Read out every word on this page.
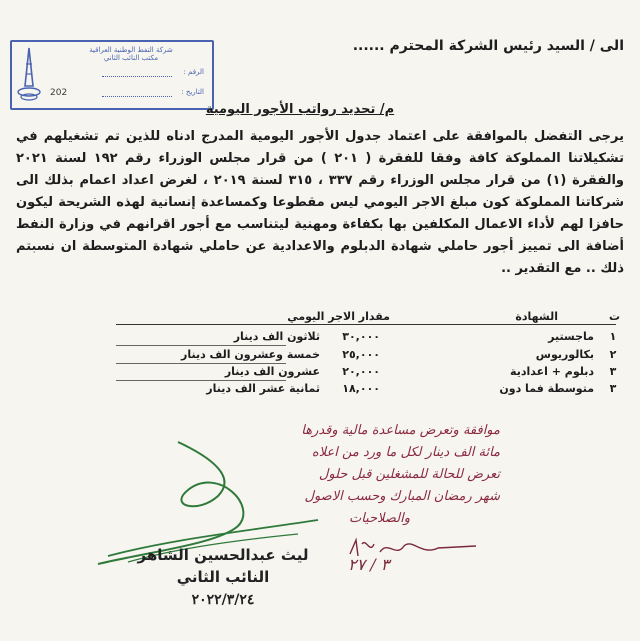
شركة النفط الوطنية العراقية
مكتب النائب الثاني
الرقم :
التاريخ :
202
الى / السيد رئيس الشركة المحترم ......
م/ تحديد رواتب الأجور اليومية
يرجى التفضل بالموافقة على اعتماد جدول الأجور اليومية المدرج ادناه للذين تم تشغيلهم في تشكيلاتنا المملوكة كافة وفقا للفقرة ( ٢٠١ ) من قرار مجلس الوزراء رقم ١٩٢ لسنة ٢٠٢١ والفقرة (١) من قرار مجلس الوزراء رقم ٣٣٧ ، ٣١٥ لسنة ٢٠١٩ ، لغرض اعداد اعمام بذلك الى شركاتنا المملوكة كون مبلغ الاجر اليومي ليس مقطوعا وكمساعدة إنسانية لهذه الشريحة ليكون حافزا لهم لأداء الاعمال المكلفين بها بكفاءة ومهنية ليتناسب مع أجور اقرانهم في وزارة النفط أضافة الى تمييز أجور حاملي شهادة الدبلوم والاعدادية عن حاملي شهادة المتوسطة ان نسبتم ذلك .. مع التقدير ..
ت
الشهادة
مقدار الاجر اليومي
١
ماجستير
٣٠,٠٠٠
ثلاثون الف دينار
٢
بكالوريوس
٢٥,٠٠٠
خمسة وعشرون الف دينار
٣
دبلوم + اعدادية
٢٠,٠٠٠
عشرون الف دينار
٣
متوسطة فما دون
١٨,٠٠٠
ثمانية عشر الف دينار
موافقة وتعرض مساعدة مالية وقدرها
مائة الف دينار لكل ما ورد من اعلاه
تعرض للحالة للمشغلين قبل حلول
شهر رمضان المبارك وحسب الاصول
والصلاحيات
٣ / ٢٧
ليث عبدالحسين الشاهر
النائب الثاني
٢٠٢٢/٣/٢٤
